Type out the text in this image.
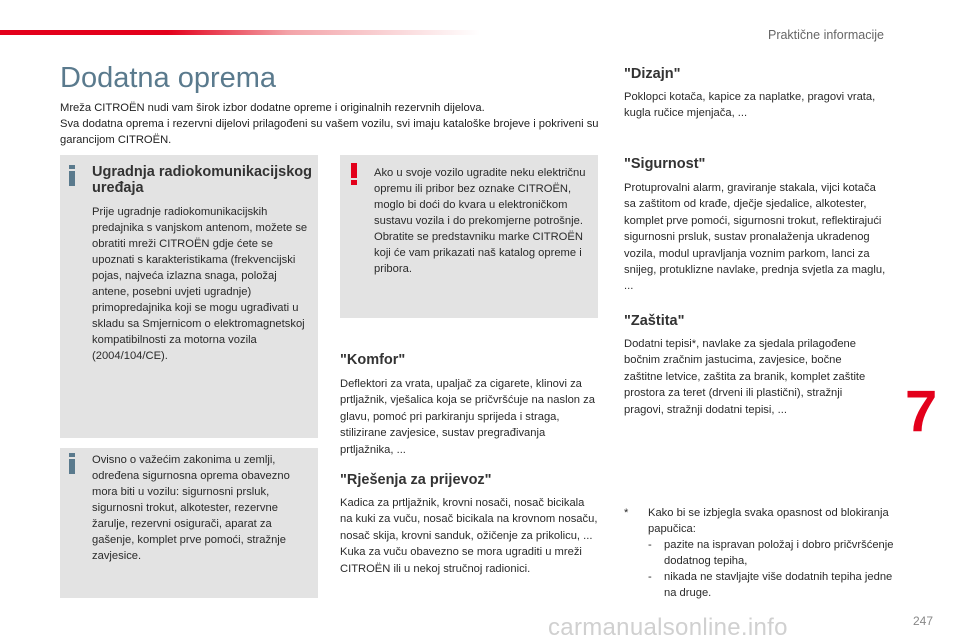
Praktične informacije
Dodatna oprema

Mreža CITROËN nudi vam širok izbor dodatne opreme i originalnih rezervnih dijelova.

Sva dodatna oprema i rezervni dijelovi prilagođeni su vašem vozilu, svi imaju kataloške brojeve i pokriveni su garancijom CITROËN.

Ugradnja radiokomunikacijskog uređaja
Prije ugradnje radiokomunikacijskih predajnika s vanjskom antenom, možete se obratiti mreži CITROËN gdje ćete se upoznati s karakteristikama (frekvencijski pojas, najveća izlazna snaga, položaj antene, posebni uvjeti ugradnje) primopredajnika koji se mogu ugrađivati u skladu sa Smjernicom o elektromagnetskoj kompatibilnosti za motorna vozila (2004/104/CE).
Ovisno o važećim zakonima u zemlji, određena sigurnosna oprema obavezno mora biti u vozilu: sigurnosni prsluk, sigurnosni trokut, alkotester, rezervne žarulje, rezervni osigurači, aparat za gašenje, komplet prve pomoći, stražnje zavjesice.
Ako u svoje vozilo ugradite neku električnu opremu ili pribor bez oznake CITROËN, moglo bi doći do kvara u elektroničkom sustavu vozila i do prekomjerne potrošnje.
Obratite se predstavniku marke CITROËN koji će vam prikazati naš katalog opreme i pribora.
"Komfor"
Deflektori za vrata, upaljač za cigarete, klinovi za prtljažnik, vješalica koja se pričvršćuje na naslon za glavu, pomoć pri parkiranju sprijeda i straga, stilizirane zavjesice, sustav pregrađivanja prtljažnika, ...
"Rješenja za prijevoz"
Kadica za prtljažnik, krovni nosači, nosač bicikala na kuki za vuču, nosač bicikala na krovnom nosaču, nosač skija, krovni sanduk, ožičenje za prikolicu, ...
Kuka za vuču obavezno se mora ugraditi u mreži CITROËN ili u nekoj stručnoj radionici.
"Dizajn"
Poklopci kotača, kapice za naplatke, pragovi vrata, kugla ručice mjenjača, ...
"Sigurnost"
Protuprovalni alarm, graviranje stakala, vijci kotača sa zaštitom od krađe, dječje sjedalice, alkotester, komplet prve pomoći, sigurnosni trokut, reflektirajući sigurnosni prsluk, sustav pronalaženja ukradenog vozila, modul upravljanja voznim parkom, lanci za snijeg, protuklizne navlake, prednja svjetla za maglu, ...
"Zaštita"
Dodatni tepisi*, navlake za sjedala prilagođene bočnim zračnim jastucima, zavjesice, bočne zaštitne letvice, zaštita za branik, komplet zaštite prostora za teret (drveni ili plastični), stražnji pragovi, stražnji dodatni tepisi, ...	7
* Kako bi se izbjegla svaka opasnost od blokiranja papučica:
- pazite na ispravan položaj i dobro pričvršćenje dodatnog tepiha,
- nikada ne stavljajte više dodatnih tepiha jedne na druge.
carmanualsonline.info	247
